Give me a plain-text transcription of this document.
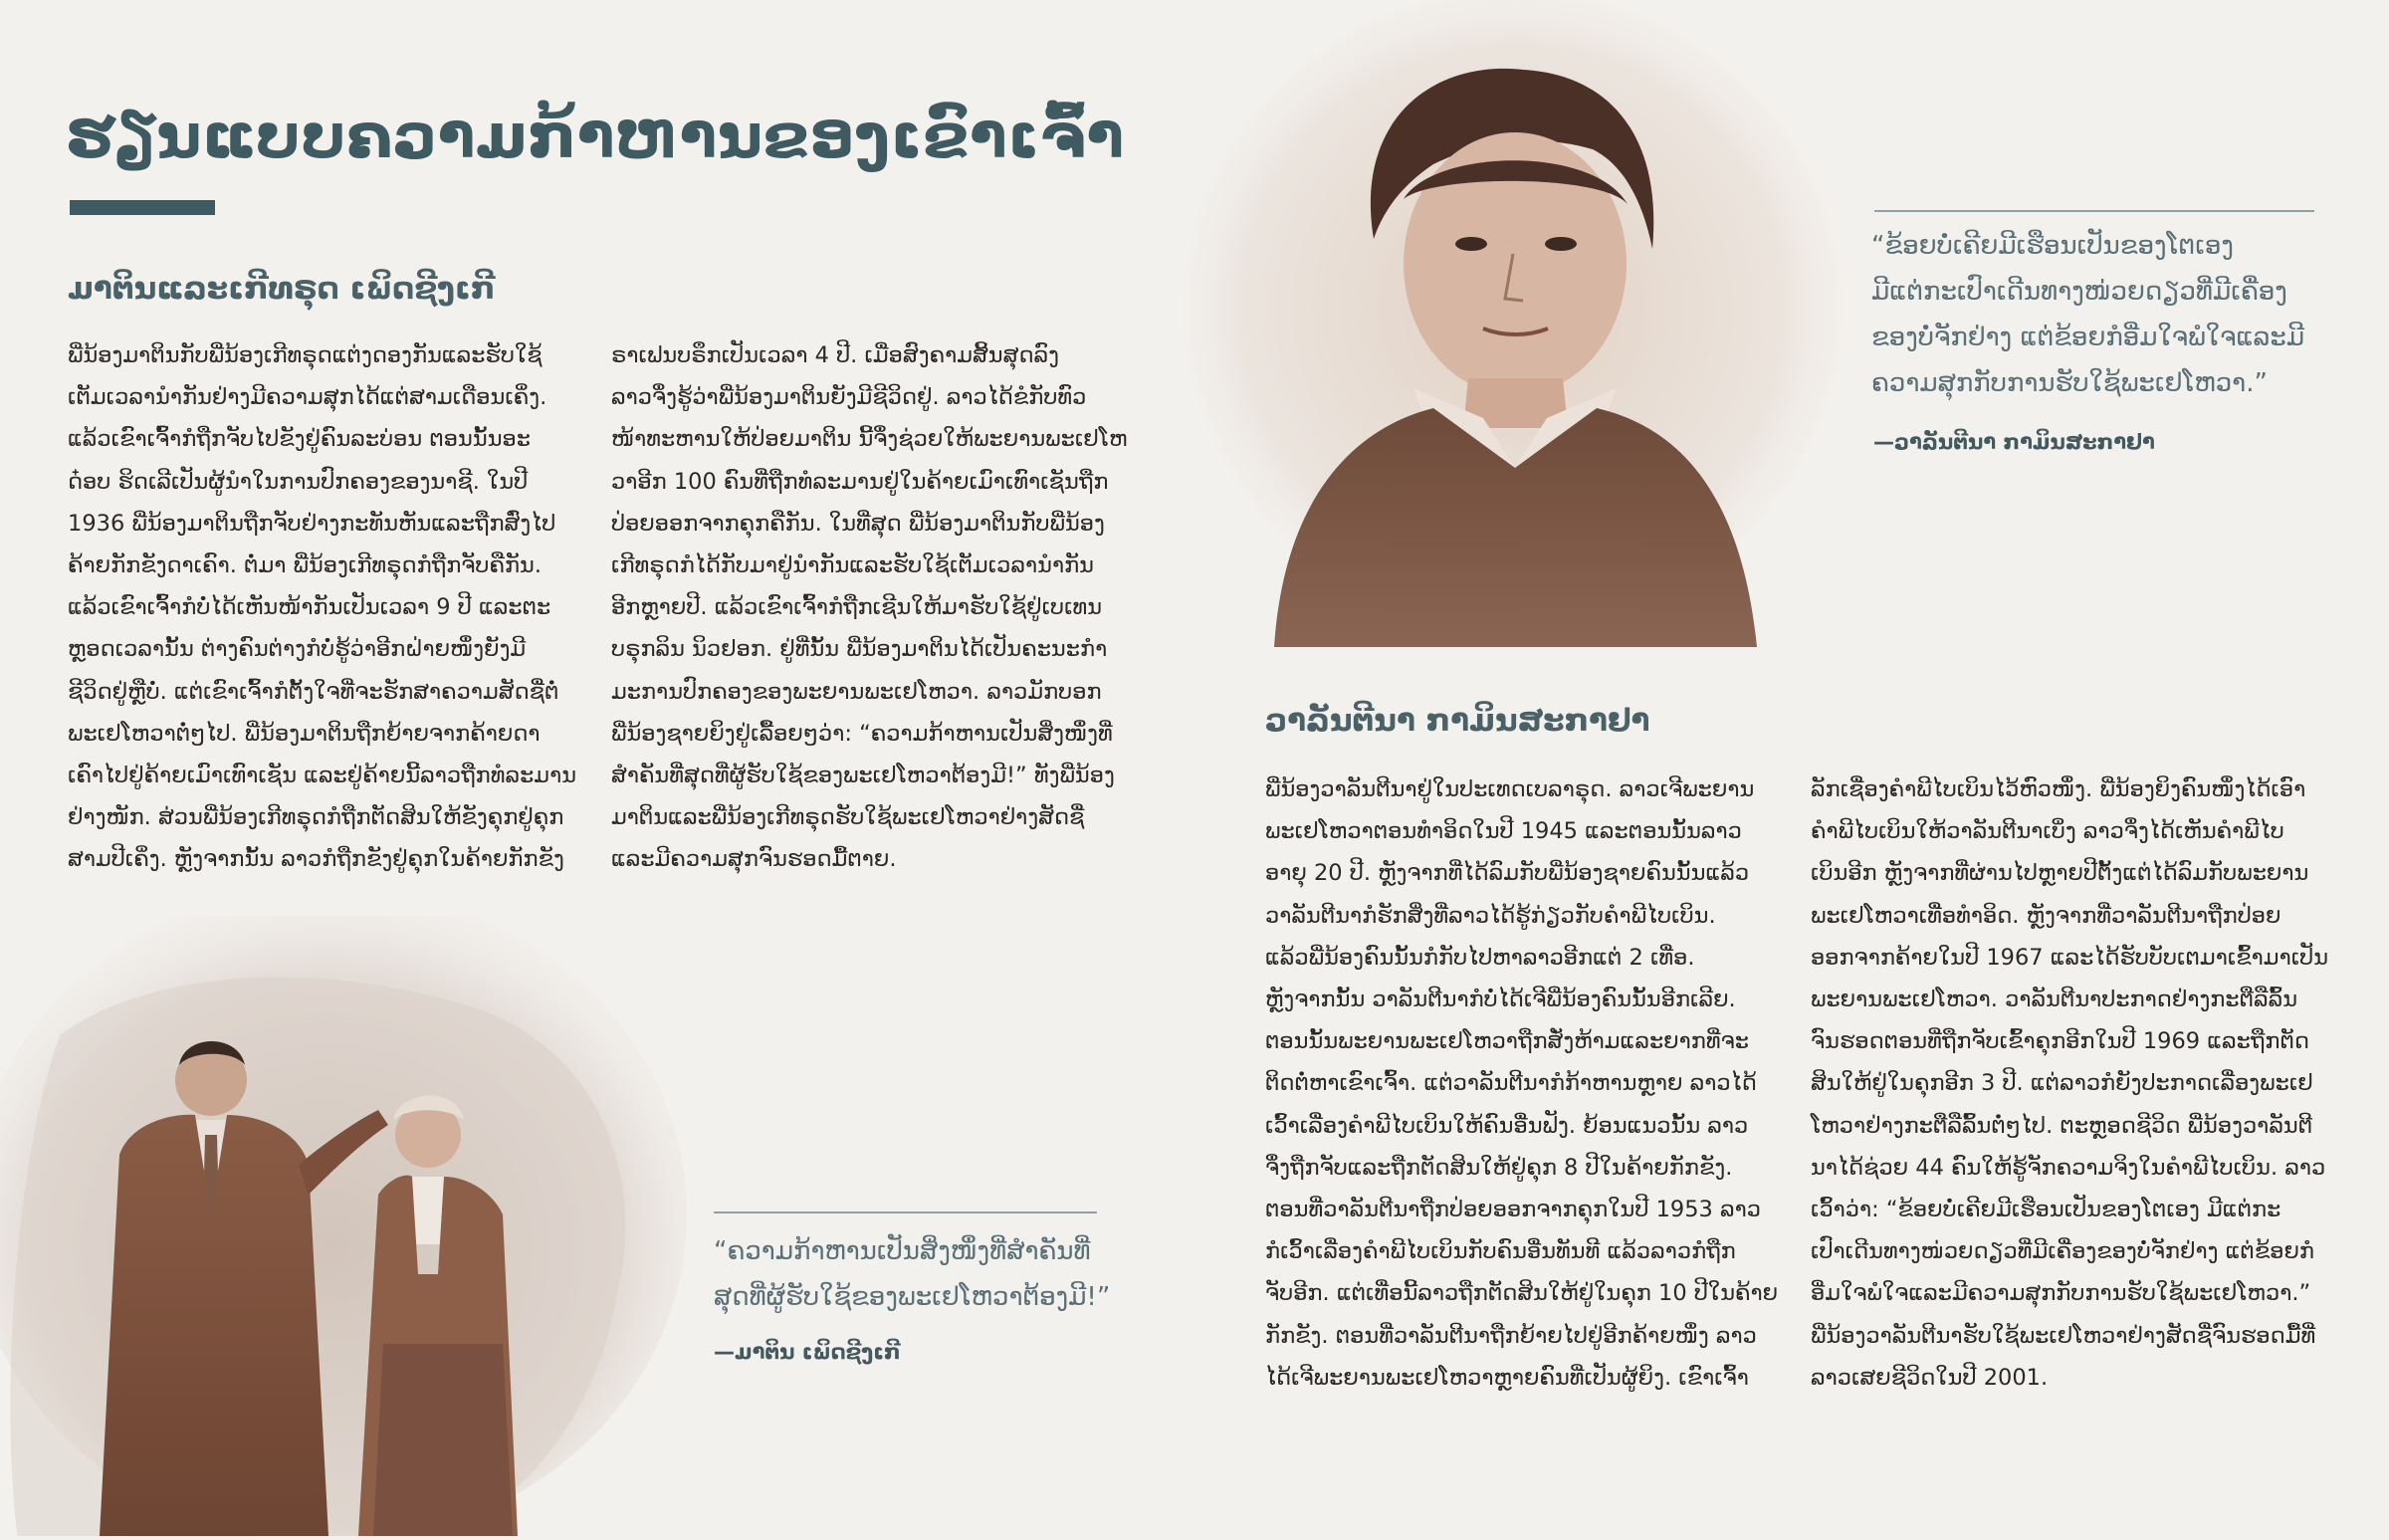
ຮຽນແບບຄວາມກ້າຫານຂອງເຂົາເຈົ້າ
ມາຕິນແລະເກີທຣຸດ ເພິດຊີງເກີ

ພີ່ນ້ອງມາຕິນກັບພີ່ນ້ອງເກີທຣຸດແຕ່ງດອງກັນແລະຮັບໃຊ້

ເຕັມເວລານຳກັນຢ່າງມີຄວາມສຸກໄດ້ແຕ່ສາມເດືອນເຄິ່ງ.

ແລ້ວເຂົາເຈົ້າກໍຖືກຈັບໄປຂັງຢູ່ຄົນລະບ່ອນ ຕອນນັ້ນອະ

ດ໋ອບ ຮິດເລີເປັນຜູ້ນຳໃນການປົກຄອງຂອງນາຊີ. ໃນປີ

1936 ພີ່ນ້ອງມາຕິນຖືກຈັບຢ່າງກະທັນຫັນແລະຖືກສົ່ງໄປ

ຄ້າຍກັກຂັງດາເຄົາ. ຕໍ່ມາ ພີ່ນ້ອງເກີທຣຸດກໍຖືກຈັບຄືກັນ.

ແລ້ວເຂົາເຈົ້າກໍບໍ່ໄດ້ເຫັນໜ້າກັນເປັນເວລາ 9 ປີ ແລະຕະ

ຫຼອດເວລານັ້ນ ຕ່າງຄົນຕ່າງກໍບໍ່ຮູ້ວ່າອີກຝ່າຍໜຶ່ງຍັງມີ

ຊີວິດຢູ່ຫຼືບໍ່. ແຕ່ເຂົາເຈົ້າກໍຕັ້ງໃຈທີ່ຈະຮັກສາຄວາມສັດຊື່ຕໍ່

ພະເຢໂຫວາຕໍ່ໆໄປ. ພີ່ນ້ອງມາຕິນຖືກຍ້າຍຈາກຄ້າຍດາ

ເຄົາໄປຢູ່ຄ້າຍເມົາເທົາເຊັນ ແລະຢູ່ຄ້າຍນີ້ລາວຖືກທໍລະມານ

ຢ່າງໜັກ. ສ່ວນພີ່ນ້ອງເກີທຣຸດກໍຖືກຕັດສິນໃຫ້ຂັງຄຸກຢູ່ຄຸກ

ສາມປີເຄິ່ງ. ຫຼັງຈາກນັ້ນ ລາວກໍຖືກຂັງຢູ່ຄຸກໃນຄ້າຍກັກຂັງ

ຣາເຟນບຣຶກເປັນເວລາ 4 ປີ. ເມື່ອສົງຄາມສິ້ນສຸດລົງ

ລາວຈຶ່ງຮູ້ວ່າພີ່ນ້ອງມາຕິນຍັງມີຊີວິດຢູ່. ລາວໄດ້ຂໍກັບທົວ

ໜ້າທະຫານໃຫ້ປ່ອຍມາຕິນ ນີ້ຈຶ່ງຊ່ວຍໃຫ້ພະຍານພະເຢໂຫ

ວາອີກ 100 ຄົນທີ່ຖືກທໍລະມານຢູ່ໃນຄ້າຍເມົາເທົາເຊັນຖືກ

ປ່ອຍອອກຈາກຄຸກຄືກັນ. ໃນທີ່ສຸດ ພີ່ນ້ອງມາຕິນກັບພີ່ນ້ອງ

ເກີທຣຸດກໍໄດ້ກັບມາຢູ່ນຳກັນແລະຮັບໃຊ້ເຕັມເວລານຳກັນ

ອີກຫຼາຍປີ. ແລ້ວເຂົາເຈົ້າກໍຖືກເຊີນໃຫ້ມາຮັບໃຊ້ຢູ່ເບເທນ

ບຣຸກລິນ ນິວຢອກ. ຢູ່ທີ່ນັ້ນ ພີ່ນ້ອງມາຕິນໄດ້ເປັນຄະນະກຳ

ມະການປົກຄອງຂອງພະຍານພະເຢໂຫວາ. ລາວມັກບອກ

ພີ່ນ້ອງຊາຍຍິງຢູ່ເລື້ອຍໆວ່າ: “ຄວາມກ້າຫານເປັນສິ່ງໜຶ່ງທີ່

ສຳຄັນທີ່ສຸດທີ່ຜູ້ຮັບໃຊ້ຂອງພະເຢໂຫວາຕ້ອງມີ!” ທັງພີ່ນ້ອງ

ມາຕິນແລະພີ່ນ້ອງເກີທຣຸດຮັບໃຊ້ພະເຢໂຫວາຢ່າງສັດຊື່

ແລະມີຄວາມສຸກຈົນຮອດມື້ຕາຍ.

“ຄວາມກ້າຫານເປັນສິ່ງໜຶ່ງທີ່ສຳຄັນທີ່
ສຸດທີ່ຜູ້ຮັບໃຊ້ຂອງພະເຢໂຫວາຕ້ອງມີ!”
—ມາຕິນ ເພິດຊີງເກີ
“ຂ້ອຍບໍ່ເຄີຍມີເຮືອນເປັນຂອງໂຕເອງ
ມີແຕ່ກະເປົາເດີນທາງໜ່ວຍດຽວທີ່ມີເຄື່ອງ
ຂອງບໍ່ຈັກຢ່າງ ແຕ່ຂ້ອຍກໍອີ່ມໃຈພໍໃຈແລະມີ
ຄວາມສຸກກັບການຮັບໃຊ້ພະເຢໂຫວາ.”
—ວາລັນຕີນາ ກາມິນສະກາຢາ
ວາລັນຕີນາ ກາມິນສະກາຢາ

ພີ່ນ້ອງວາລັນຕີນາຢູ່ໃນປະເທດເບລາຣຸດ. ລາວເຈີພະຍານ

ພະເຢໂຫວາຕອນທຳອິດໃນປີ 1945 ແລະຕອນນັ້ນລາວ

ອາຍຸ 20 ປີ. ຫຼັງຈາກທີ່ໄດ້ລົມກັບພີ່ນ້ອງຊາຍຄົນນັ້ນແລ້ວ

ວາລັນຕີນາກໍຮັກສິ່ງທີ່ລາວໄດ້ຮູ້ກ່ຽວກັບຄຳພີໄບເບິນ.

ແລ້ວພີ່ນ້ອງຄົນນັ້ນກໍກັບໄປຫາລາວອີກແຕ່ 2 ເທື່ອ.

ຫຼັງຈາກນັ້ນ ວາລັນຕີນາກໍບໍ່ໄດ້ເຈີພີ່ນ້ອງຄົນນັ້ນອີກເລີຍ.

ຕອນນັ້ນພະຍານພະເຢໂຫວາຖືກສັ່ງຫ້າມແລະຍາກທີ່ຈະ

ຕິດຕໍ່ຫາເຂົາເຈົ້າ. ແຕ່ວາລັນຕີນາກໍກ້າຫານຫຼາຍ ລາວໄດ້

ເວົ້າເລື່ອງຄຳພີໄບເບິນໃຫ້ຄົນອື່ນຟັງ. ຍ້ອນແນວນັ້ນ ລາວ

ຈຶ່ງຖືກຈັບແລະຖືກຕັດສິນໃຫ້ຢູ່ຄຸກ 8 ປີໃນຄ້າຍກັກຂັງ.

ຕອນທີ່ວາລັນຕີນາຖືກປ່ອຍອອກຈາກຄຸກໃນປີ 1953 ລາວ

ກໍເວົ້າເລື່ອງຄຳພີໄບເບິນກັບຄົນອື່ນທັນທີ ແລ້ວລາວກໍຖືກ

ຈັບອີກ. ແຕ່ເທື່ອນີ້ລາວຖືກຕັດສິນໃຫ້ຢູ່ໃນຄຸກ 10 ປີໃນຄ້າຍ

ກັກຂັງ. ຕອນທີ່ວາລັນຕີນາຖືກຍ້າຍໄປຢູ່ອີກຄ້າຍໜຶ່ງ ລາວ

ໄດ້ເຈີພະຍານພະເຢໂຫວາຫຼາຍຄົນທີ່ເປັນຜູ້ຍິງ. ເຂົາເຈົ້າ

ລັກເຊື່ອງຄຳພີໄບເບິນໄວ້ຫົວໜຶ່ງ. ພີ່ນ້ອງຍິງຄົນໜຶ່ງໄດ້ເອົາ

ຄຳພີໄບເບິນໃຫ້ວາລັນຕີນາເບິ່ງ ລາວຈຶ່ງໄດ້ເຫັນຄຳພີໄບ

ເບິນອີກ ຫຼັງຈາກທີ່ຜ່ານໄປຫຼາຍປີຕັ້ງແຕ່ໄດ້ລົມກັບພະຍານ

ພະເຢໂຫວາເທື່ອທຳອິດ. ຫຼັງຈາກທີ່ວາລັນຕີນາຖືກປ່ອຍ

ອອກຈາກຄ້າຍໃນປີ 1967 ແລະໄດ້ຮັບບັບເຕມາເຂົ້າມາເປັນ

ພະຍານພະເຢໂຫວາ. ວາລັນຕີນາປະກາດຢ່າງກະຕືລືລົ້ນ

ຈົນຮອດຕອນທີ່ຖືກຈັບເຂົ້າຄຸກອີກໃນປີ 1969 ແລະຖືກຕັດ

ສິນໃຫ້ຢູ່ໃນຄຸກອີກ 3 ປີ. ແຕ່ລາວກໍຍັງປະກາດເລື່ອງພະເຢ

ໂຫວາຢ່າງກະຕືລືລົ້ນຕໍ່ໆໄປ. ຕະຫຼອດຊີວິດ ພີ່ນ້ອງວາລັນຕີ

ນາໄດ້ຊ່ວຍ 44 ຄົນໃຫ້ຮູ້ຈັກຄວາມຈິງໃນຄຳພີໄບເບິນ. ລາວ

ເວົ້າວ່າ: “ຂ້ອຍບໍ່ເຄີຍມີເຮືອນເປັນຂອງໂຕເອງ ມີແຕ່ກະ

ເປົາເດີນທາງໜ່ວຍດຽວທີ່ມີເຄື່ອງຂອງບໍ່ຈັກຢ່າງ ແຕ່ຂ້ອຍກໍ

ອີ່ມໃຈພໍໃຈແລະມີຄວາມສຸກກັບການຮັບໃຊ້ພະເຢໂຫວາ.”

ພີ່ນ້ອງວາລັນຕີນາຮັບໃຊ້ພະເຢໂຫວາຢ່າງສັດຊື່ຈົນຮອດມື້ທີ່

ລາວເສຍຊີວິດໃນປີ 2001.
